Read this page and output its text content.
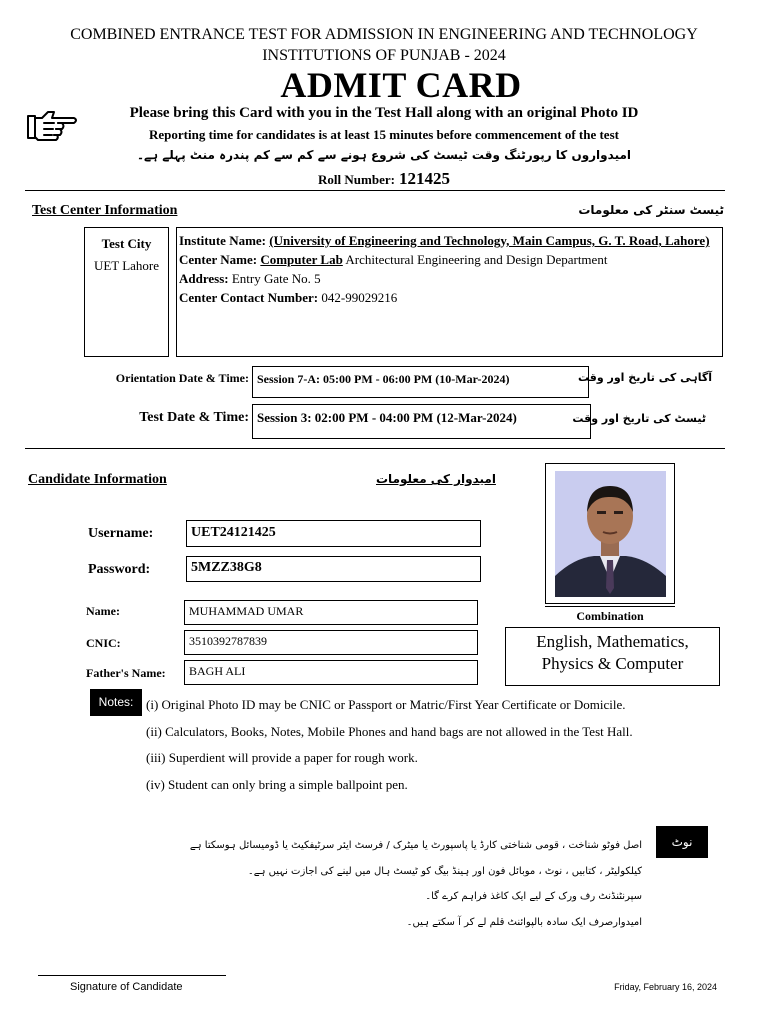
COMBINED ENTRANCE TEST FOR ADMISSION IN ENGINEERING AND TECHNOLOGY
INSTITUTIONS OF PUNJAB - 2024
ADMIT CARD
Please bring this Card with you in the Test Hall along with an original Photo ID
Reporting time for candidates is at least 15 minutes before commencement of the test
امیدواروں کا رپورٹنگ وقت ٹیسٹ کی شروع ہونے سے کم سے کم پندرہ منٹ پہلے ہے۔
Roll Number: 121425
Test Center Information	ٹیسٹ سنٹر کی معلومات
Test City
UET Lahore
Institute Name: (University of Engineering and Technology, Main Campus, G. T. Road, Lahore)
Center Name: Computer Lab Architectural Engineering and Design Department
Address: Entry Gate No. 5
Center Contact Number: 042-99029216
Orientation Date & Time: Session 7-A: 05:00 PM - 06:00 PM (10-Mar-2024)	آگاہی کی تاریخ اور وقت
Test Date & Time: Session 3: 02:00 PM - 04:00 PM (12-Mar-2024)	ٹیسٹ کی تاریخ اور وقت
Candidate Information	امیدوار کی معلومات
Combination
English, Mathematics, Physics & Computer
Username:	UET24121425
Password:	5MZZ38G8
Name:	MUHAMMAD UMAR
CNIC:	3510392787839
Father's Name:	BAGH ALI
Notes: (i) Original Photo ID may be CNIC or Passport or Matric/First Year Certificate or Domicile.
(ii) Calculators, Books, Notes, Mobile Phones and hand bags are not allowed in the Test Hall.
(iii) Superdient will provide a paper for rough work.
(iv) Student can only bring a simple ballpoint pen.
نوٹ
اصل فوٹو شناخت ، قومی شناختی کارڈ یا پاسپورٹ یا میٹرک / فرسٹ ایئر سرٹیفکیٹ یا ڈومیسائل ہوسکتا ہے
کیلکولیٹر ، کتابیں ، نوٹ ، موبائل فون اور ہینڈ بیگ کو ٹیسٹ ہال میں لینے کی اجازت نہیں ہے۔
سپرنٹنڈنٹ رف ورک کے لیے ایک کاغذ فراہم کرے گا۔
امیدوارصرف ایک سادہ بالپوائنٹ قلم لے کر آ سکتے ہیں۔
Signature of Candidate	Friday, February 16, 2024
